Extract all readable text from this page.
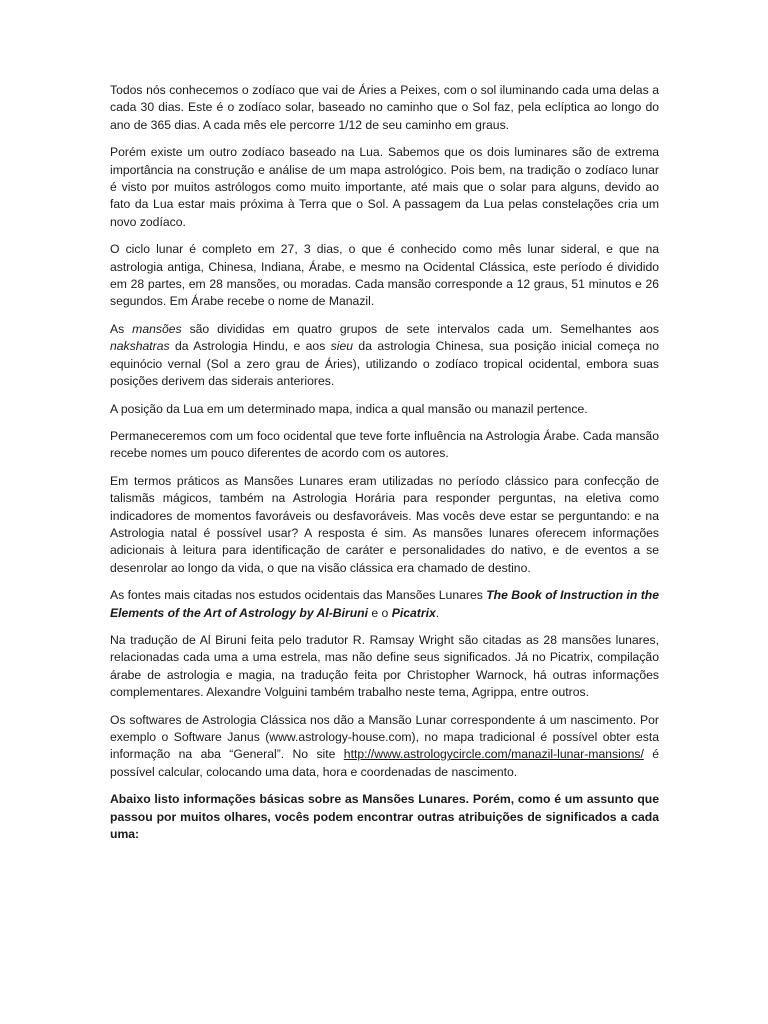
Todos nós conhecemos o zodíaco que vai de Áries a Peixes, com o sol iluminando cada uma delas a cada 30 dias. Este é o zodíaco solar, baseado no caminho que o Sol faz, pela eclíptica ao longo do ano de 365 dias. A cada mês ele percorre 1/12 de seu caminho em graus.

Porém existe um outro zodíaco baseado na Lua. Sabemos que os dois luminares são de extrema importância na construção e análise de um mapa astrológico. Pois bem, na tradição o zodíaco lunar é visto por muitos astrólogos como muito importante, até mais que o solar para alguns, devido ao fato da Lua estar mais próxima à Terra que o Sol. A passagem da Lua pelas constelações cria um novo zodíaco.

O ciclo lunar é completo em 27, 3 dias, o que é conhecido como mês lunar sideral, e que na astrologia antiga, Chinesa, Indiana, Árabe, e mesmo na Ocidental Clássica, este período é dividido em 28 partes, em 28 mansões, ou moradas. Cada mansão corresponde a 12 graus, 51 minutos e 26 segundos. Em Árabe recebe o nome de Manazil.

As mansões são divididas em quatro grupos de sete intervalos cada um. Semelhantes aos nakshatras da Astrologia Hindu, e aos sieu da astrologia Chinesa, sua posição inicial começa no equinócio vernal (Sol a zero grau de Áries), utilizando o zodíaco tropical ocidental, embora suas posições derivem das siderais anteriores.

A posição da Lua em um determinado mapa, indica a qual mansão ou manazil pertence.

Permaneceremos com um foco ocidental que teve forte influência na Astrologia Árabe. Cada mansão recebe nomes um pouco diferentes de acordo com os autores.

Em termos práticos as Mansões Lunares eram utilizadas no período clássico para confecção de talismãs mágicos, também na Astrologia Horária para responder perguntas, na eletiva como indicadores de momentos favoráveis ou desfavoráveis. Mas vocês deve estar se perguntando: e na Astrologia natal é possível usar? A resposta é sim. As mansões lunares oferecem informações adicionais à leitura para identificação de caráter e personalidades do nativo, e de eventos a se desenrolar ao longo da vida, o que na visão clássica era chamado de destino.

As fontes mais citadas nos estudos ocidentais das Mansões Lunares The Book of Instruction in the Elements of the Art of Astrology by Al-Biruni e o Picatrix.

Na tradução de Al Biruni feita pelo tradutor R. Ramsay Wright são citadas as 28 mansões lunares, relacionadas cada uma a uma estrela, mas não define seus significados. Já no Picatrix, compilação árabe de astrologia e magia, na tradução feita por Christopher Warnock, há outras informações complementares. Alexandre Volguini também trabalho neste tema, Agrippa, entre outros.

Os softwares de Astrologia Clássica nos dão a Mansão Lunar correspondente á um nascimento. Por exemplo o Software Janus (www.astrology-house.com), no mapa tradicional é possível obter esta informação na aba “General”. No site http://www.astrologycircle.com/manazil-lunar-mansions/ é possível calcular, colocando uma data, hora e coordenadas de nascimento.

Abaixo listo informações básicas sobre as Mansões Lunares. Porém, como é um assunto que passou por muitos olhares, vocês podem encontrar outras atribuições de significados a cada uma:
